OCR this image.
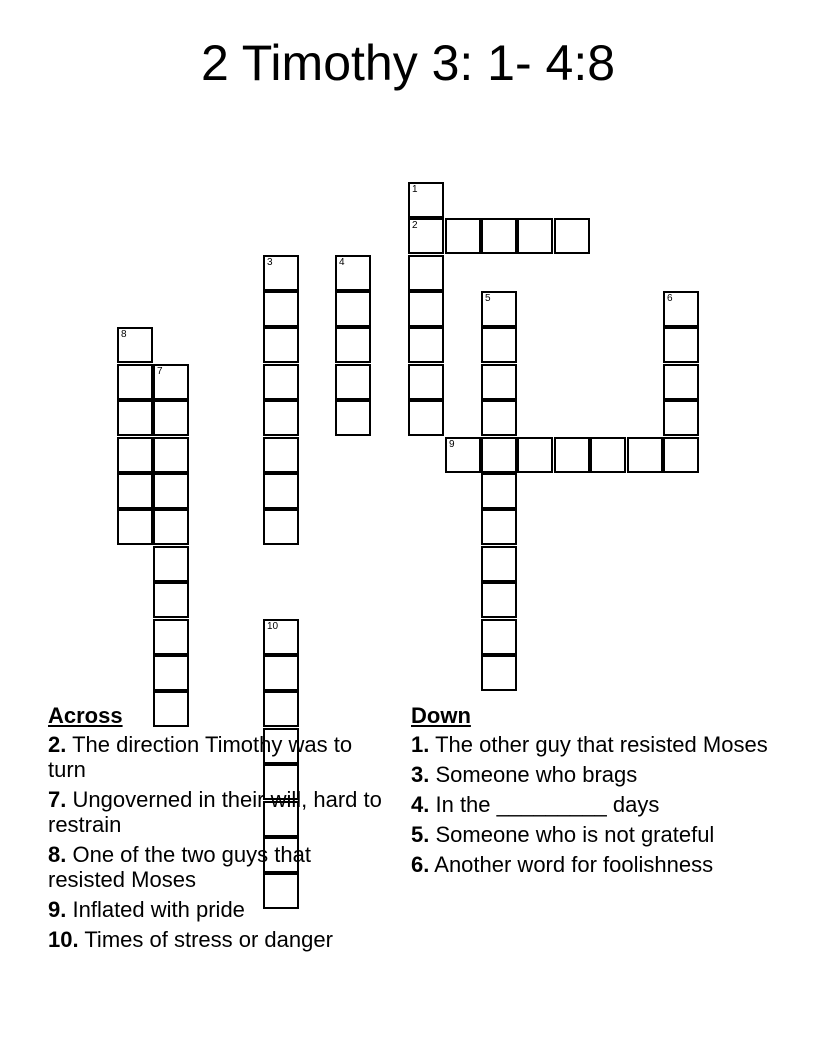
2 Timothy 3: 1- 4:8
8
7
3
10
4
1
2
5
9
6
Across
2. The direction Timothy was to turn
7. Ungoverned in their will, hard to restrain
8. One of the two guys that resisted Moses
9. Inflated with pride
10. Times of stress or danger
Down
1. The other guy that resisted Moses
3. Someone who brags
4. In the _________ days
5. Someone who is not grateful
6. Another word for foolishness
